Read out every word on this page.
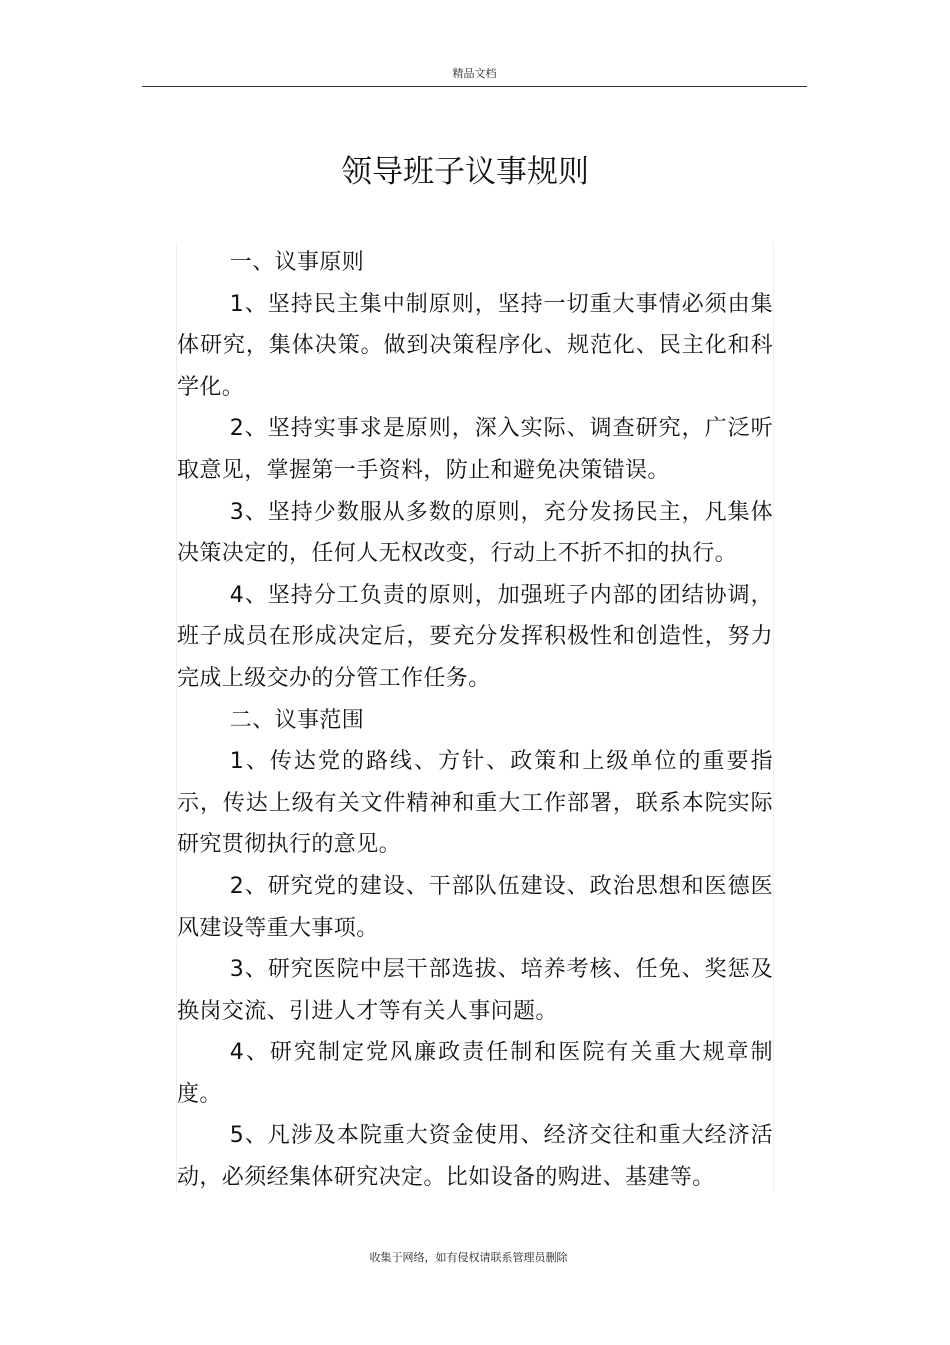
精品文档
领导班子议事规则

一、议事原则

1、坚持民主集中制原则，坚持一切重大事情必须由集体研究，集体决策。做到决策程序化、规范化、民主化和科学化。

2、坚持实事求是原则，深入实际、调查研究，广泛听取意见，掌握第一手资料，防止和避免决策错误。

3、坚持少数服从多数的原则，充分发扬民主，凡集体决策决定的，任何人无权改变，行动上不折不扣的执行。

4、坚持分工负责的原则，加强班子内部的团结协调，班子成员在形成决定后，要充分发挥积极性和创造性，努力完成上级交办的分管工作任务。

二、议事范围

1、传达党的路线、方针、政策和上级单位的重要指示，传达上级有关文件精神和重大工作部署，联系本院实际研究贯彻执行的意见。

2、研究党的建设、干部队伍建设、政治思想和医德医风建设等重大事项。

3、研究医院中层干部选拔、培养考核、任免、奖惩及换岗交流、引进人才等有关人事问题。

4、研究制定党风廉政责任制和医院有关重大规章制度。

5、凡涉及本院重大资金使用、经济交往和重大经济活动，必须经集体研究决定。比如设备的购进、基建等。

收集于网络，如有侵权请联系管理员删除
